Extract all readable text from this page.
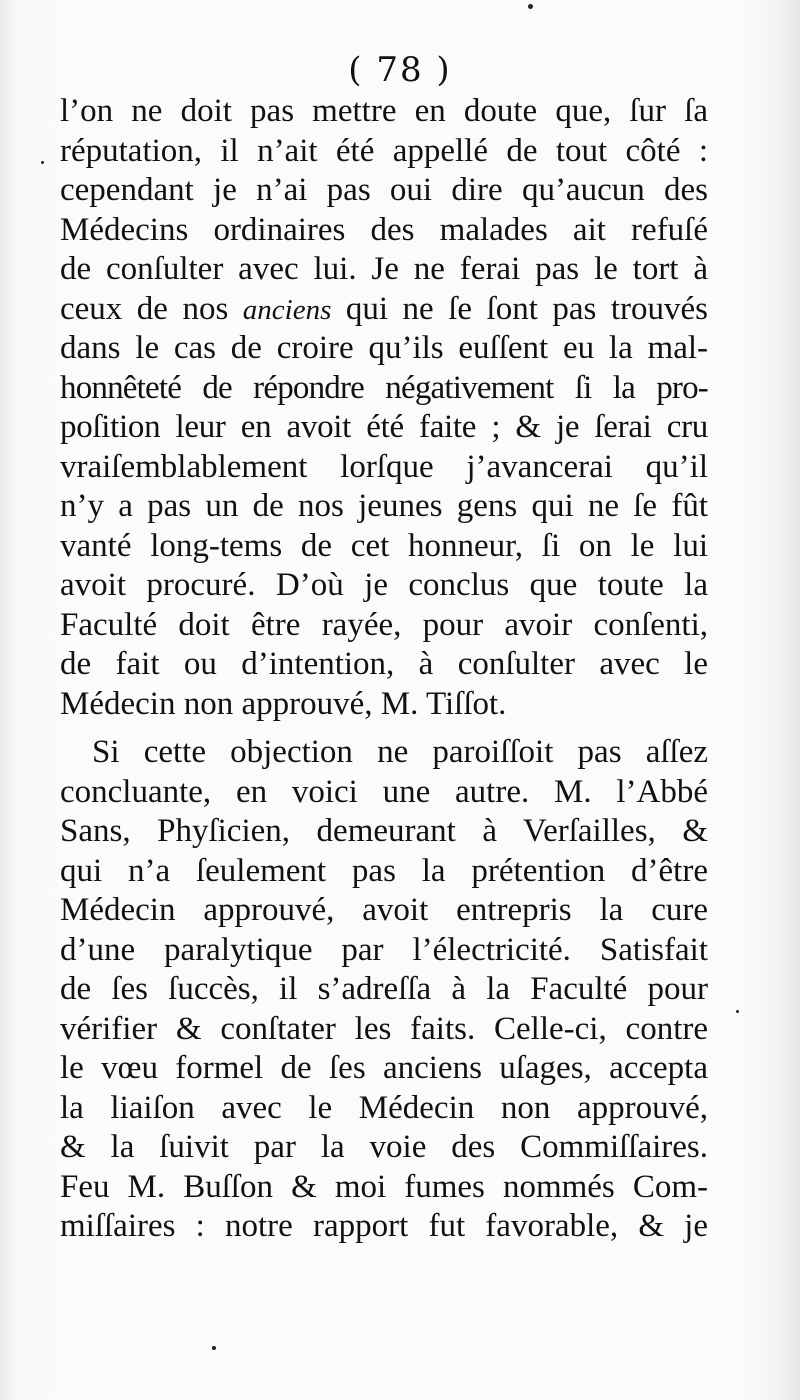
( 78 )
l’on ne doit pas mettre en doute que, ſur ſa
réputation, il n’ait été appellé de tout côté :
cependant je n’ai pas oui dire qu’aucun des
Médecins ordinaires des malades ait refuſé
de conſulter avec lui. Je ne ferai pas le tort à
ceux de nos anciens qui ne ſe ſont pas trouvés
dans le cas de croire qu’ils euſſent eu la mal-
honnêteté de répondre négativement ſi la pro-
poſition leur en avoit été faite ; & je ſerai cru
vraiſemblablement lorſque j’avancerai qu’il
n’y a pas un de nos jeunes gens qui ne ſe fût
vanté long-tems de cet honneur, ſi on le lui
avoit procuré. D’où je conclus que toute la
Faculté doit être rayée, pour avoir conſenti,
de fait ou d’intention, à conſulter avec le
Médecin non approuvé, M. Tiſſot.
Si cette objection ne paroiſſoit pas aſſez
concluante, en voici une autre. M. l’Abbé
Sans, Phyſicien, demeurant à Verſailles, &
qui n’a ſeulement pas la prétention d’être
Médecin approuvé, avoit entrepris la cure
d’une paralytique par l’électricité. Satisfait
de ſes ſuccès, il s’adreſſa à la Faculté pour
vérifier & conſtater les faits. Celle-ci, contre
le vœu formel de ſes anciens uſages, accepta
la liaiſon avec le Médecin non approuvé,
& la ſuivit par la voie des Commiſſaires.
Feu M. Buſſon & moi fumes nommés Com-
miſſaires : notre rapport fut favorable, & je
